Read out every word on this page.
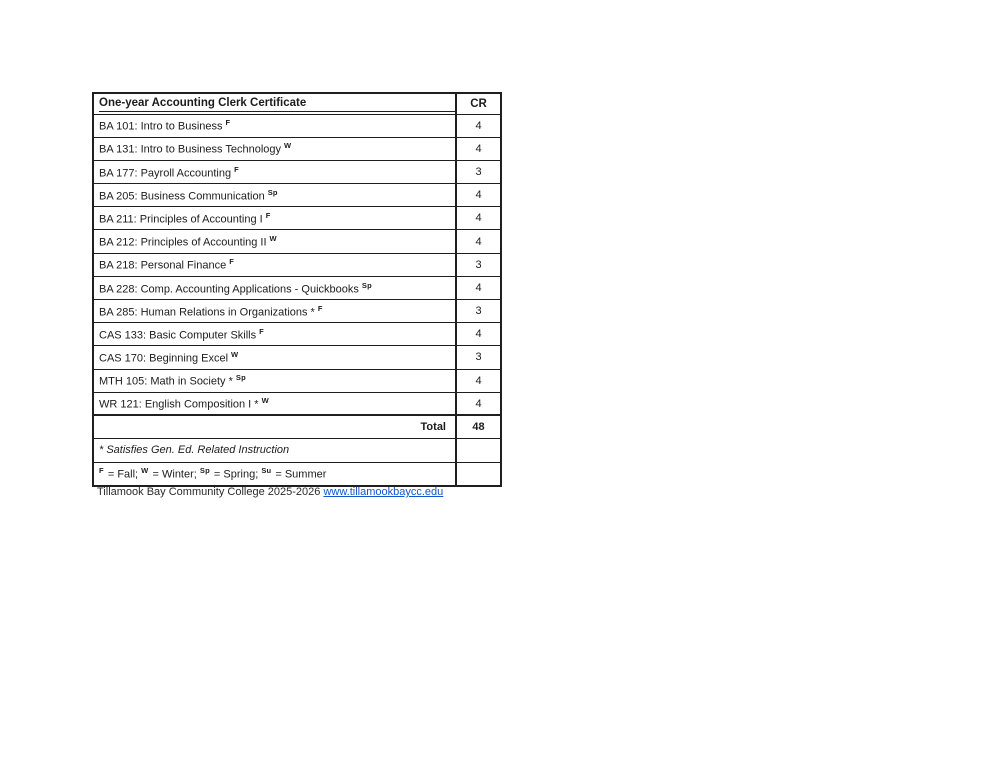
One-year Accounting Clerk Certificate	CR
BA 101: Intro to Business $^F$	4
BA 131: Intro to Business Technology $^W$	4
BA 177: Payroll Accounting $^F$	3
BA 205: Business Communication $^{Sp}$	4
BA 211: Principles of Accounting I $^F$	4
BA 212: Principles of Accounting II $^W$	4
BA 218: Personal Finance $^F$	3
BA 228: Comp. Accounting Applications - Quickbooks $^{Sp}$	4
BA 285: Human Relations in Organizations * $^F$	3
CAS 133: Basic Computer Skills $^F$	4
CAS 170: Beginning Excel $^W$	3
MTH 105: Math in Society * $^{Sp}$	4
WR 121: English Composition I * $^W$	4
Total	48
* Satisfies Gen. Ed. Related Instruction	
$^F$ = Fall; $^W$ = Winter; $^{Sp}$ = Spring; $^{Su}$ = Summer	

Tillamook Bay Community College 2025-2026 www.tillamookbaycc.edu
